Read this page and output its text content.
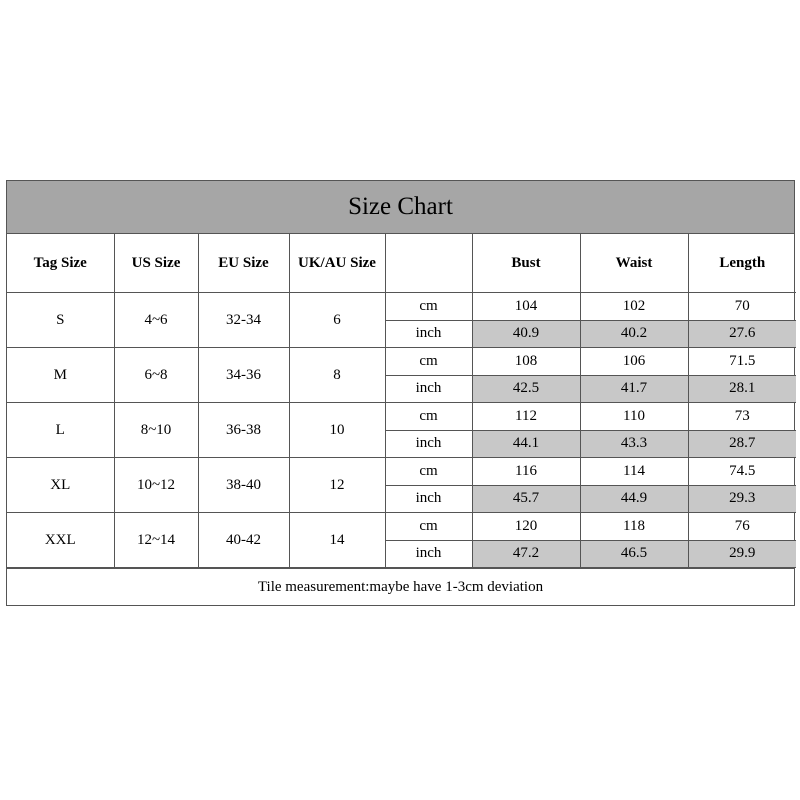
Size Chart
Tag Size	US Size	EU Size	UK/AU Size		Bust	Waist	Length
S	4~6	32-34	6	cm	104	102	70
				inch	40.9	40.2	27.6
M	6~8	34-36	8	cm	108	106	71.5
				inch	42.5	41.7	28.1
L	8~10	36-38	10	cm	112	110	73
				inch	44.1	43.3	28.7
XL	10~12	38-40	12	cm	116	114	74.5
				inch	45.7	44.9	29.3
XXL	12~14	40-42	14	cm	120	118	76
				inch	47.2	46.5	29.9
Tile measurement:maybe have 1-3cm deviation
